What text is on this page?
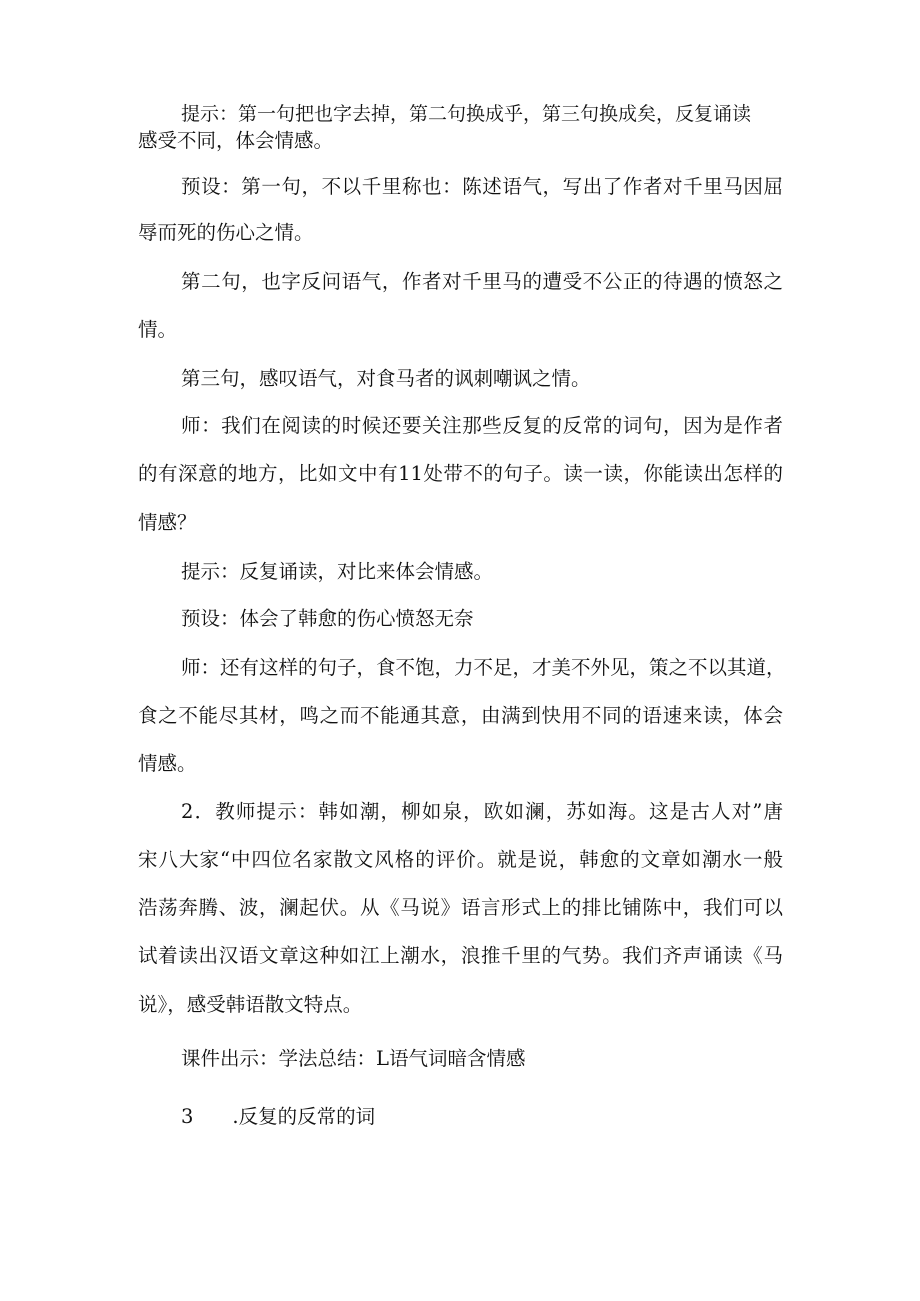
提示：第一句把也字去掉，第二句换成乎，第三句换成矣，反复诵读

感受不同，体会情感。

预设：第一句，不以千里称也：陈述语气，写出了作者对千里马因屈

辱而死的伤心之情。

第二句，也字反问语气，作者对千里马的遭受不公正的待遇的愤怒之

情。

第三句，感叹语气，对食马者的讽刺嘲讽之情。

师：我们在阅读的时候还要关注那些反复的反常的词句，因为是作者

的有深意的地方，比如文中有11处带不的句子。读一读，你能读出怎样的

情感？

提示：反复诵读，对比来体会情感。

预设：体会了韩愈的伤心愤怒无奈

师：还有这样的句子，食不饱，力不足，才美不外见，策之不以其道，

食之不能尽其材，鸣之而不能通其意，由满到快用不同的语速来读，体会

情感。

2．教师提示：韩如潮，柳如泉，欧如澜，苏如海。这是古人对”唐

宋八大家“中四位名家散文风格的评价。就是说，韩愈的文章如潮水一般

浩荡奔腾、波，澜起伏。从《马说》语言形式上的排比铺陈中，我们可以

试着读出汉语文章这种如江上潮水，浪推千里的气势。我们齐声诵读《马

说》，感受韩语散文特点。

课件出示：学法总结：L语气词暗含情感

3  .反复的反常的词
